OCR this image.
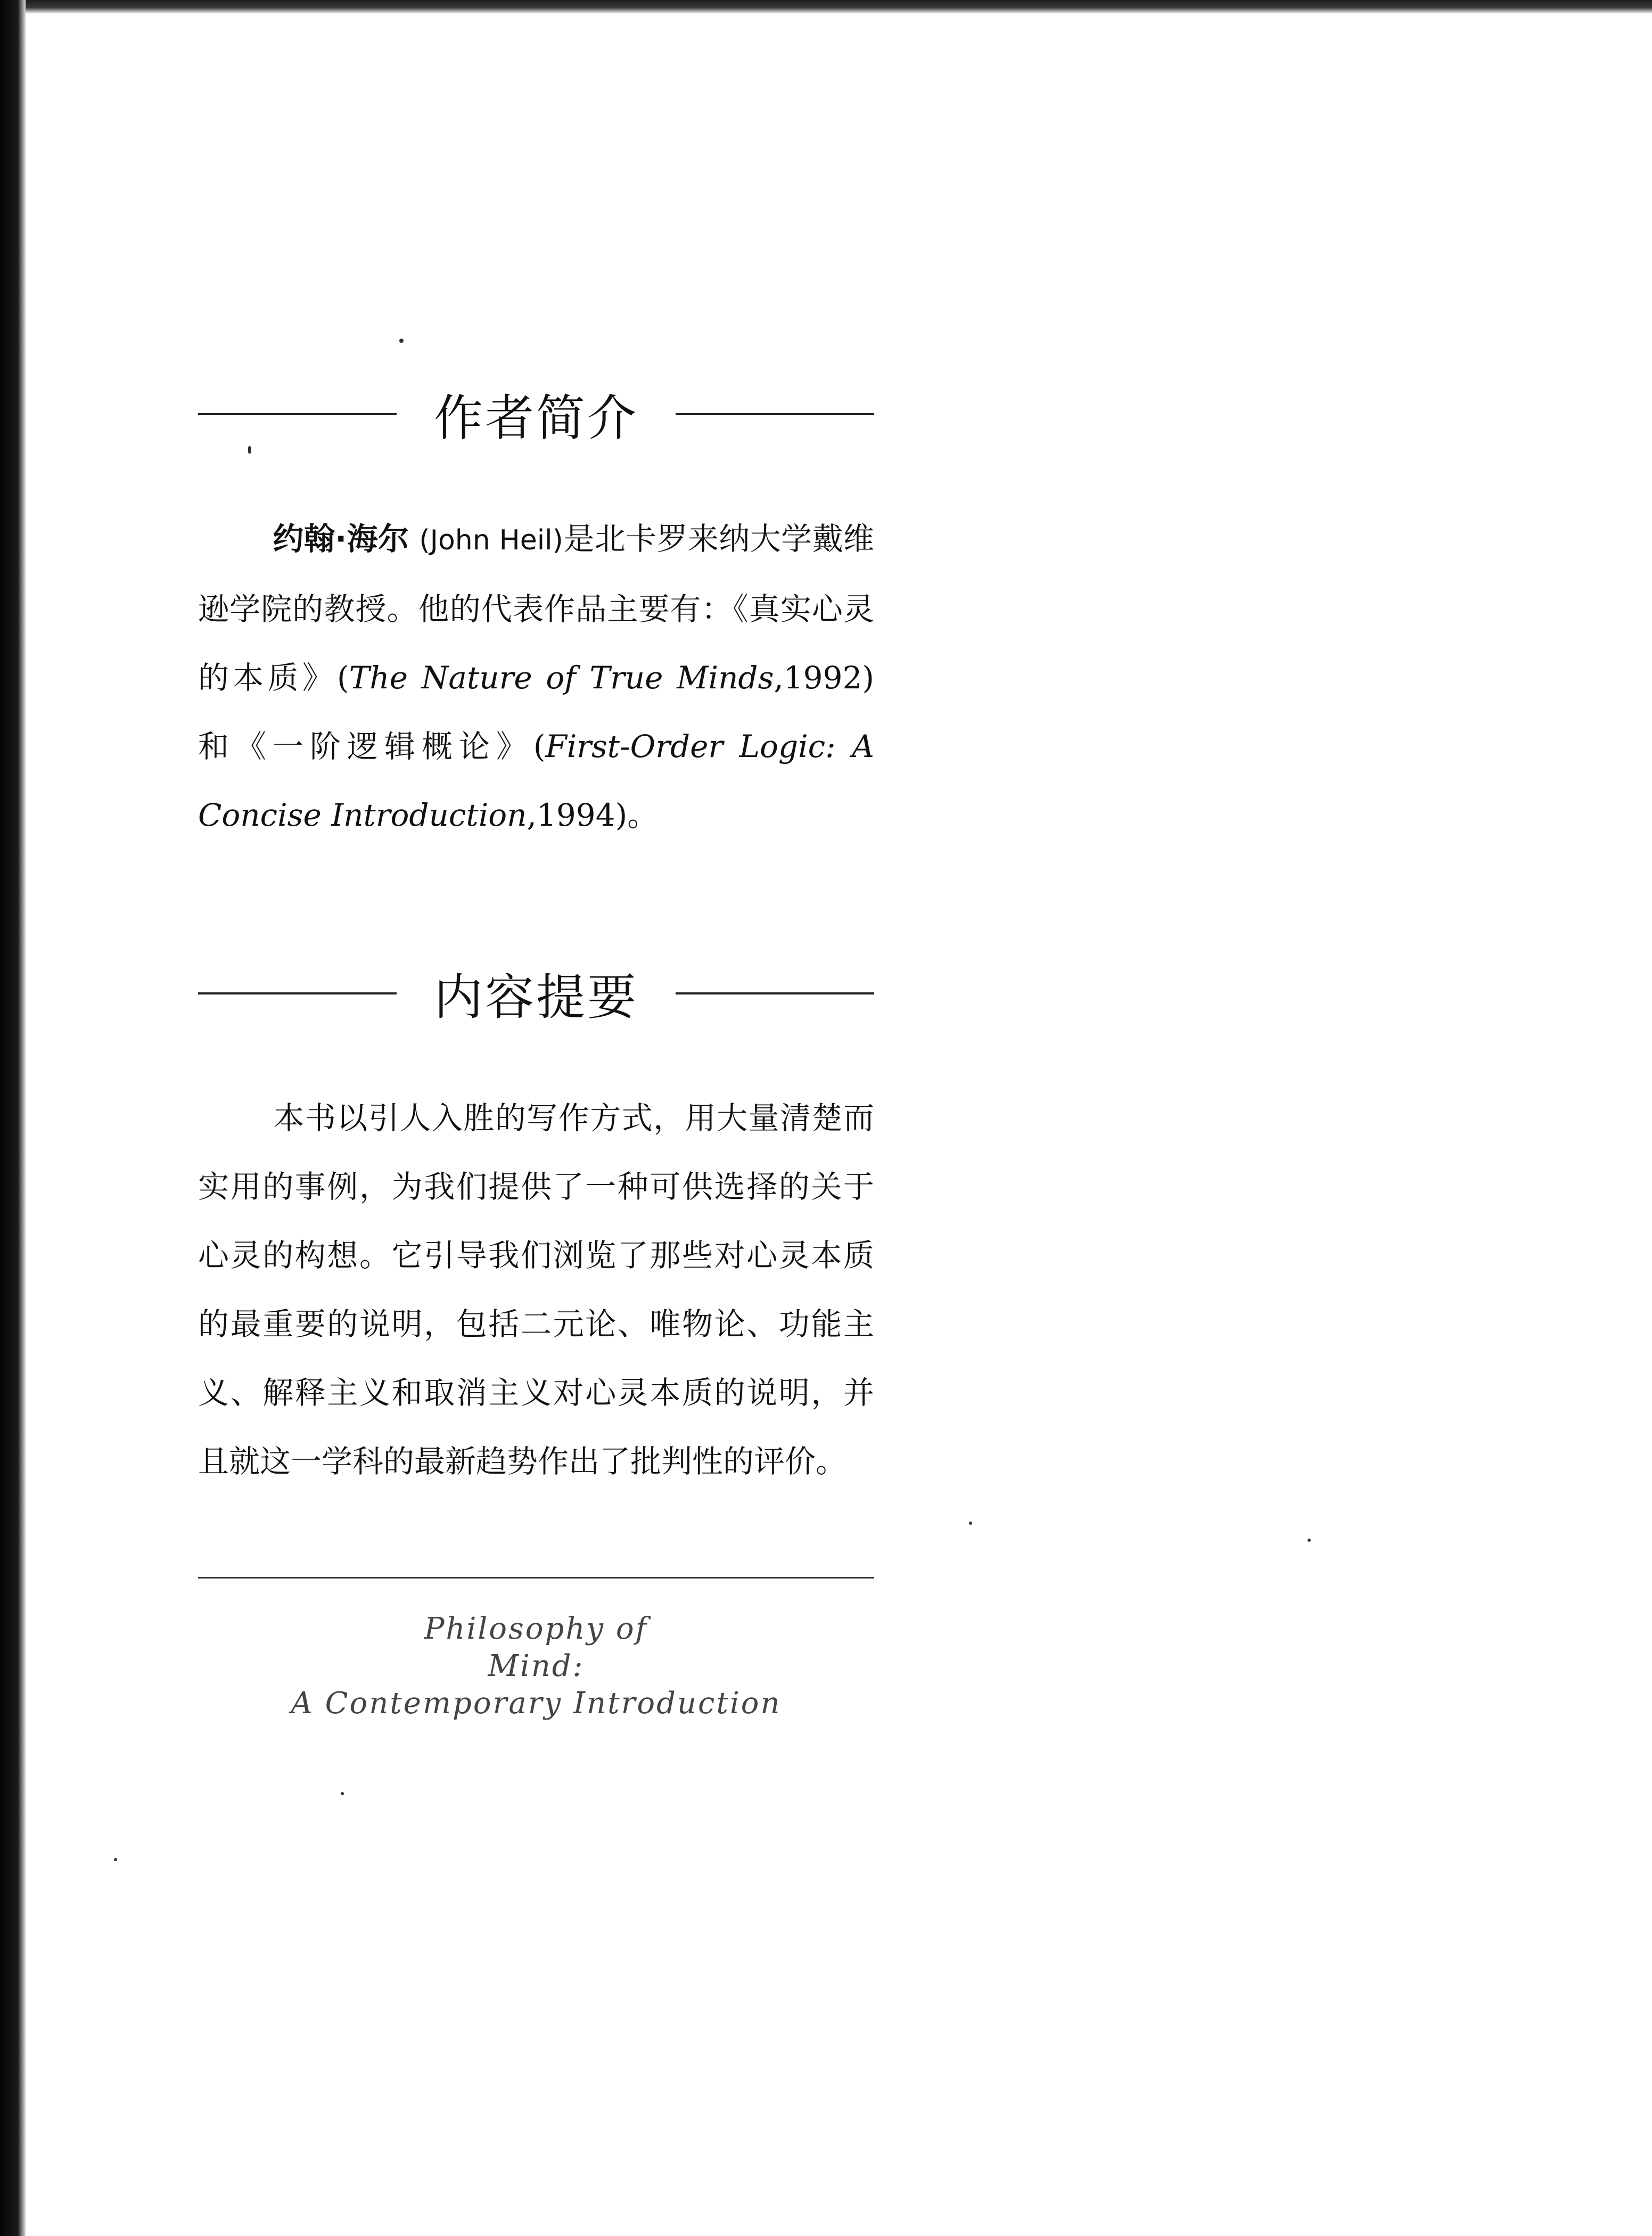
作者简介

约翰·海尔 (John Heil)是北卡罗来纳大学戴维逊学院的教授。他的代表作品主要有：《真实心灵的本质》(The Nature of True Minds,1992)和《一阶逻辑概论》(First-Order Logic: A Concise Introduction,1994)。

内容提要

本书以引人入胜的写作方式，用大量清楚而实用的事例，为我们提供了一种可供选择的关于心灵的构想。它引导我们浏览了那些对心灵本质的最重要的说明，包括二元论、唯物论、功能主义、解释主义和取消主义对心灵本质的说明，并且就这一学科的最新趋势作出了批判性的评价。

Philosophy of
Mind:
A Contemporary Introduction
